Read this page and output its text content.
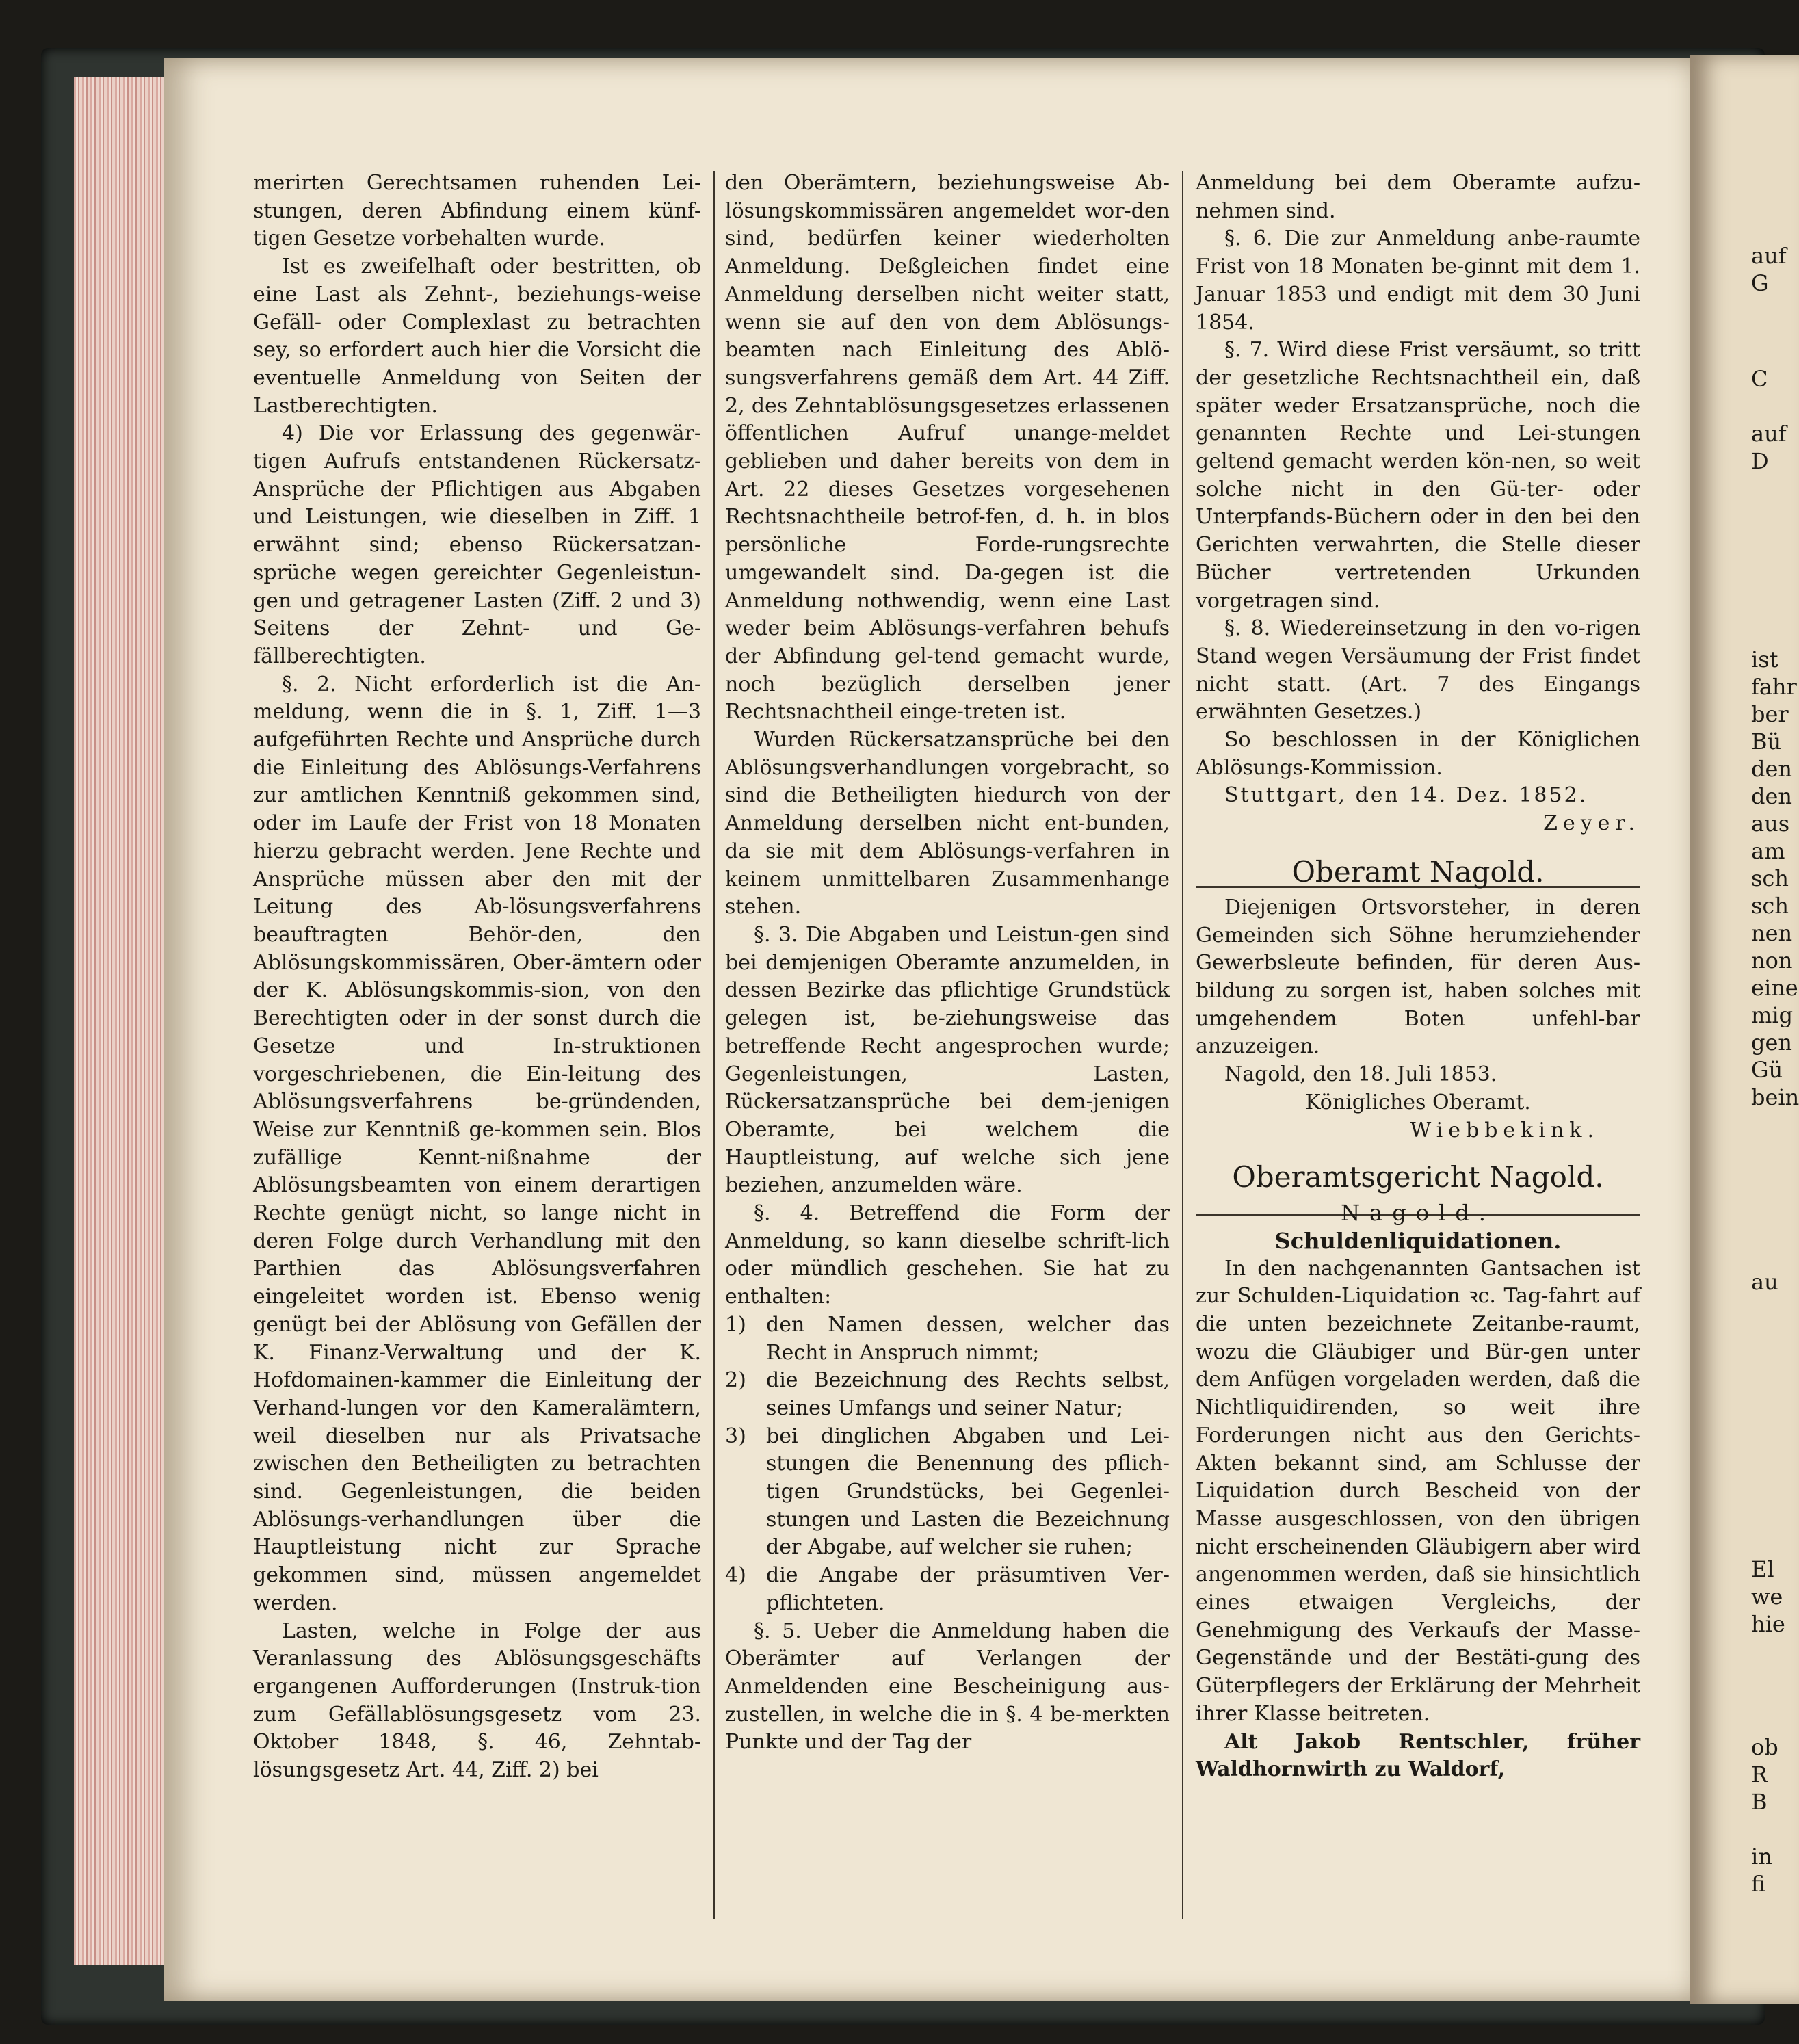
merirten Gerechtsamen ruhenden Lei-stungen, deren Abfindung einem künf-tigen Gesetze vorbehalten wurde.

Ist es zweifelhaft oder bestritten, ob eine Last als Zehnt-, beziehungs-weise Gefäll- oder Complexlast zu betrachten sey, so erfordert auch hier die Vorsicht die eventuelle Anmeldung von Seiten der Lastberechtigten.

4) Die vor Erlassung des gegenwär-tigen Aufrufs entstandenen Rückersatz-Ansprüche der Pflichtigen aus Abgaben und Leistungen, wie dieselben in Ziff. 1 erwähnt sind; ebenso Rückersatzan-sprüche wegen gereichter Gegenleistun-gen und getragener Lasten (Ziff. 2 und 3) Seitens der Zehnt- und Ge-fällberechtigten.

§. 2. Nicht erforderlich ist die An-meldung, wenn die in §. 1, Ziff. 1—3 aufgeführten Rechte und Ansprüche durch die Einleitung des Ablösungs-Verfahrens zur amtlichen Kenntniß gekommen sind, oder im Laufe der Frist von 18 Monaten hierzu gebracht werden. Jene Rechte und Ansprüche müssen aber den mit der Leitung des Ab-lösungsverfahrens beauftragten Behör-den, den Ablösungskommissären, Ober-ämtern oder der K. Ablösungskommis-sion, von den Berechtigten oder in der sonst durch die Gesetze und In-struktionen vorgeschriebenen, die Ein-leitung des Ablösungsverfahrens be-gründenden, Weise zur Kenntniß ge-kommen sein. Blos zufällige Kennt-nißnahme der Ablösungsbeamten von einem derartigen Rechte genügt nicht, so lange nicht in deren Folge durch Verhandlung mit den Parthien das Ablösungsverfahren eingeleitet worden ist. Ebenso wenig genügt bei der Ablösung von Gefällen der K. Finanz-Verwaltung und der K. Hofdomainen-kammer die Einleitung der Verhand-lungen vor den Kameralämtern, weil dieselben nur als Privatsache zwischen den Betheiligten zu betrachten sind. Gegenleistungen, die beiden Ablösungs-verhandlungen über die Hauptleistung nicht zur Sprache gekommen sind, müssen angemeldet werden.

Lasten, welche in Folge der aus Veranlassung des Ablösungsgeschäfts ergangenen Aufforderungen (Instruk-tion zum Gefällablösungsgesetz vom 23. Oktober 1848, §. 46, Zehntab-lösungsgesetz Art. 44, Ziff. 2) bei

den Oberämtern, beziehungsweise Ab-lösungskommissären angemeldet wor-den sind, bedürfen keiner wiederholten Anmeldung. Deßgleichen findet eine Anmeldung derselben nicht weiter statt, wenn sie auf den von dem Ablösungs-beamten nach Einleitung des Ablö-sungsverfahrens gemäß dem Art. 44 Ziff. 2, des Zehntablösungsgesetzes erlassenen öffentlichen Aufruf unange-meldet geblieben und daher bereits von dem in Art. 22 dieses Gesetzes vorgesehenen Rechtsnachtheile betrof-fen, d. h. in blos persönliche Forde-rungsrechte umgewandelt sind. Da-gegen ist die Anmeldung nothwendig, wenn eine Last weder beim Ablösungs-verfahren behufs der Abfindung gel-tend gemacht wurde, noch bezüglich derselben jener Rechtsnachtheil einge-treten ist.

Wurden Rückersatzansprüche bei den Ablösungsverhandlungen vorgebracht, so sind die Betheiligten hiedurch von der Anmeldung derselben nicht ent-bunden, da sie mit dem Ablösungs-verfahren in keinem unmittelbaren Zusammenhange stehen.

§. 3. Die Abgaben und Leistun-gen sind bei demjenigen Oberamte anzumelden, in dessen Bezirke das pflichtige Grundstück gelegen ist, be-ziehungsweise das betreffende Recht angesprochen wurde; Gegenleistungen, Lasten, Rückersatzansprüche bei dem-jenigen Oberamte, bei welchem die Hauptleistung, auf welche sich jene beziehen, anzumelden wäre.

§. 4. Betreffend die Form der Anmeldung, so kann dieselbe schrift-lich oder mündlich geschehen. Sie hat zu enthalten:

1) den Namen dessen, welcher das Recht in Anspruch nimmt;
2) die Bezeichnung des Rechts selbst, seines Umfangs und seiner Natur;
3) bei dinglichen Abgaben und Lei-stungen die Benennung des pflich-tigen Grundstücks, bei Gegenlei-stungen und Lasten die Bezeichnung der Abgabe, auf welcher sie ruhen;
4) die Angabe der präsumtiven Ver-pflichteten.

§. 5. Ueber die Anmeldung haben die Oberämter auf Verlangen der Anmeldenden eine Bescheinigung aus-zustellen, in welche die in §. 4 be-merkten Punkte und der Tag der

Anmeldung bei dem Oberamte aufzu-nehmen sind.

§. 6. Die zur Anmeldung anbe-raumte Frist von 18 Monaten be-ginnt mit dem 1. Januar 1853 und endigt mit dem 30 Juni 1854.

§. 7. Wird diese Frist versäumt, so tritt der gesetzliche Rechtsnachtheil ein, daß später weder Ersatzansprüche, noch die genannten Rechte und Lei-stungen geltend gemacht werden kön-nen, so weit solche nicht in den Gü-ter- oder Unterpfands-Büchern oder in den bei den Gerichten verwahrten, die Stelle dieser Bücher vertretenden Urkunden vorgetragen sind.

§. 8. Wiedereinsetzung in den vo-rigen Stand wegen Versäumung der Frist findet nicht statt. (Art. 7 des Eingangs erwähnten Gesetzes.)

So beschlossen in der Königlichen Ablösungs-Kommission.

Stuttgart, den 14. Dez. 1852.

Zeyer.

Oberamt Nagold.

Diejenigen Ortsvorsteher, in deren Gemeinden sich Söhne herumziehender Gewerbsleute befinden, für deren Aus-bildung zu sorgen ist, haben solches mit umgehendem Boten unfehl-bar anzuzeigen.

Nagold, den 18. Juli 1853.

Königliches Oberamt.

Wiebbekink.

Oberamtsgericht Nagold.

Nagold.

Schuldenliquidationen.

In den nachgenannten Gantsachen ist zur Schulden-Liquidation ꝛc. Tag-fahrt auf die unten bezeichnete Zeitanbe-raumt, wozu die Gläubiger und Bür-gen unter dem Anfügen vorgeladen werden, daß die Nichtliquidirenden, so weit ihre Forderungen nicht aus den Gerichts-Akten bekannt sind, am Schlusse der Liquidation durch Bescheid von der Masse ausgeschlossen, von den übrigen nicht erscheinenden Gläubigern aber wird angenommen werden, daß sie hinsichtlich eines etwaigen Vergleichs, der Genehmigung des Verkaufs der Masse-Gegenstände und der Bestäti-gung des Güterpflegers der Erklärung der Mehrheit ihrer Klasse beitreten.

Alt Jakob Rentschler, früher Waldhornwirth zu Waldorf,

auf
G
C
auf
D
ist
fahr
ber
Bü
den
den
aus
am
sch
sch
nen
non
eine
mig
gen
Gü
bein
au
El
we
hie
ob
R
B
in
fi
